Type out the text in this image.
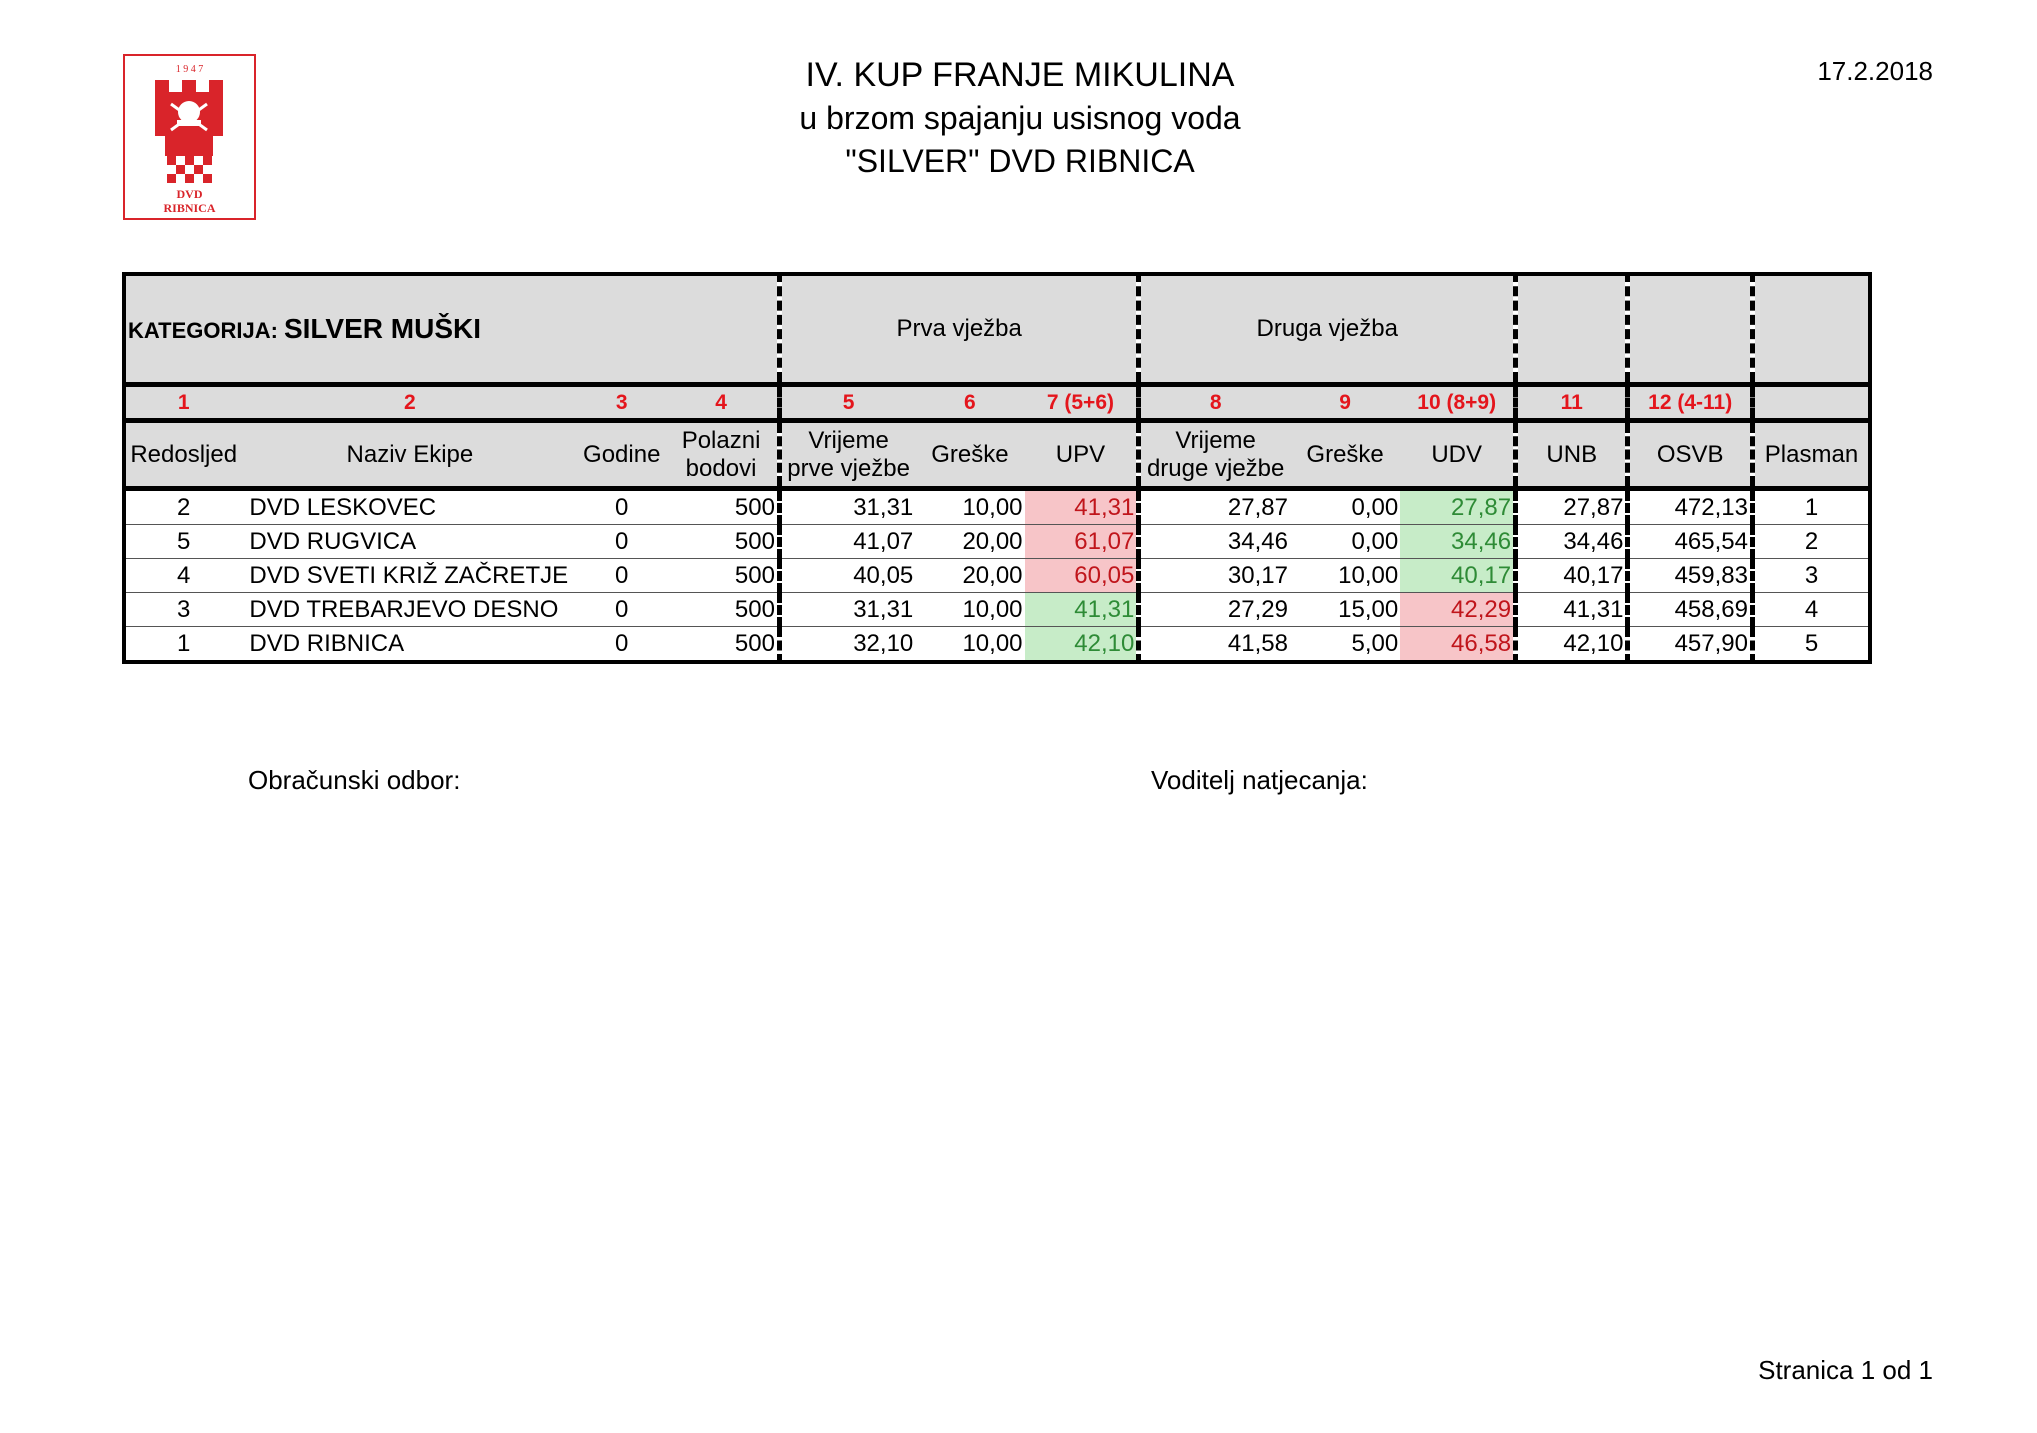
1 9 4 7
DVD
RIBNICA
IV. KUP FRANJE MIKULINA
u brzom spajanju usisnog voda
"SILVER" DVD RIBNICA
17.2.2018
KATEGORIJA: SILVER MUŠKI				Prva vježba			Druga vježba					
1	2	3	4	5	6	7 (5+6)	8	9	10 (8+9)	11	12 (4-11)	
Redosljed	Naziv Ekipe	Godine	Polazni bodovi	Vrijeme prve vježbe	Greške	UPV	Vrijeme druge vježbe	Greške	UDV	UNB	OSVB	Plasman
2	DVD LESKOVEC	0	500	31,31	10,00	41,31	27,87	0,00	27,87	27,87	472,13	1
5	DVD RUGVICA	0	500	41,07	20,00	61,07	34,46	0,00	34,46	34,46	465,54	2
4	DVD SVETI KRIŽ ZAČRETJE	0	500	40,05	20,00	60,05	30,17	10,00	40,17	40,17	459,83	3
3	DVD TREBARJEVO DESNO	0	500	31,31	10,00	41,31	27,29	15,00	42,29	41,31	458,69	4
1	DVD RIBNICA	0	500	32,10	10,00	42,10	41,58	5,00	46,58	42,10	457,90	5
Obračunski odbor:	Voditelj natjecanja:
Stranica 1 od 1
